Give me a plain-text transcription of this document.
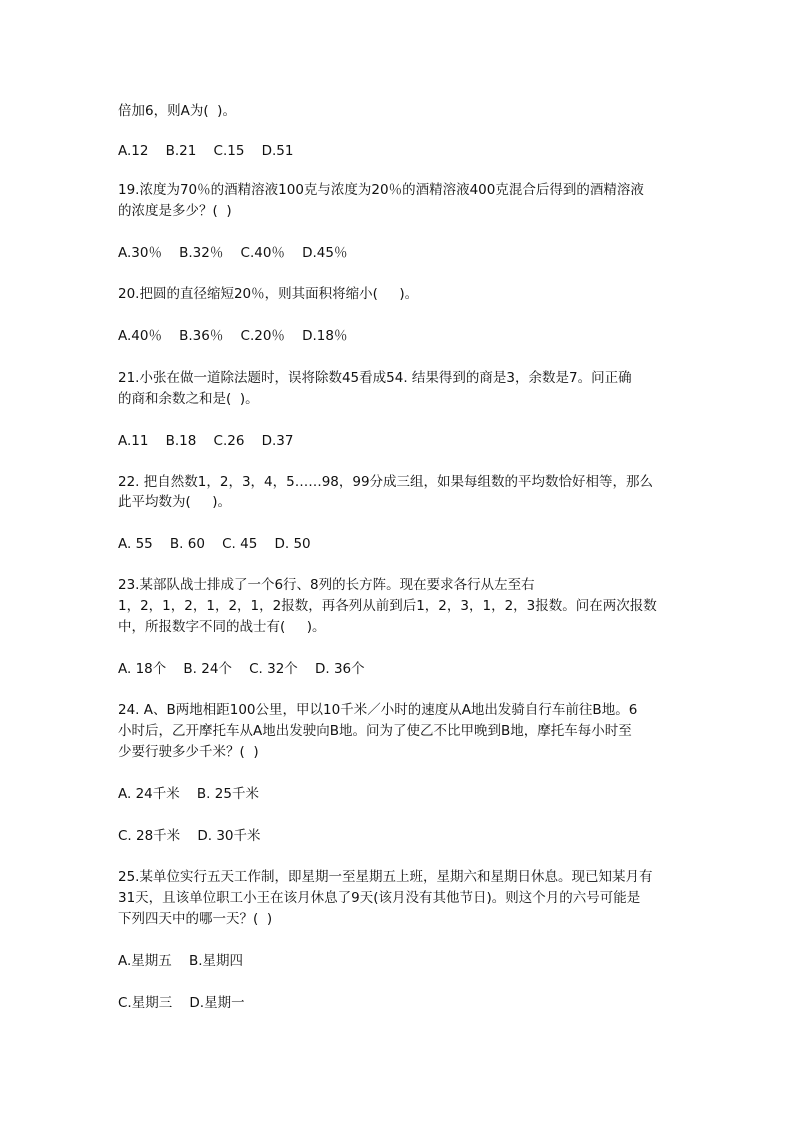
倍加6，则A为(  )。
A.12    B.21    C.15    D.51
19.浓度为70％的酒精溶液100克与浓度为20％的酒精溶液400克混合后得到的酒精溶液
的浓度是多少？(  )
A.30％    B.32％    C.40％    D.45％
20.把圆的直径缩短20％，则其面积将缩小(     )。
A.40％    B.36％    C.20％    D.18％
21.小张在做一道除法题时，误将除数45看成54. 结果得到的商是3，余数是7。问正确
的商和余数之和是(  )。
A.11    B.18    C.26    D.37
22. 把自然数1，2，3，4，5……98，99分成三组，如果每组数的平均数恰好相等，那么
此平均数为(     )。
A. 55    B. 60    C. 45    D. 50
23.某部队战士排成了一个6行、8列的长方阵。现在要求各行从左至右
1，2，1，2，1，2，1，2报数，再各列从前到后1，2，3，1，2，3报数。问在两次报数
中，所报数字不同的战士有(     )。
A. 18个    B. 24个    C. 32个    D. 36个
24. A、B两地相距100公里，甲以10千米／小时的速度从A地出发骑自行车前往B地。6
小时后，乙开摩托车从A地出发驶向B地。问为了使乙不比甲晚到B地，摩托车每小时至
少要行驶多少千米？(  )
A. 24千米    B. 25千米
C. 28千米    D. 30千米
25.某单位实行五天工作制，即星期一至星期五上班，星期六和星期日休息。现已知某月有
31天，且该单位职工小王在该月休息了9天(该月没有其他节日)。则这个月的六号可能是
下列四天中的哪一天？(  )
A.星期五    B.星期四
C.星期三    D.星期一
